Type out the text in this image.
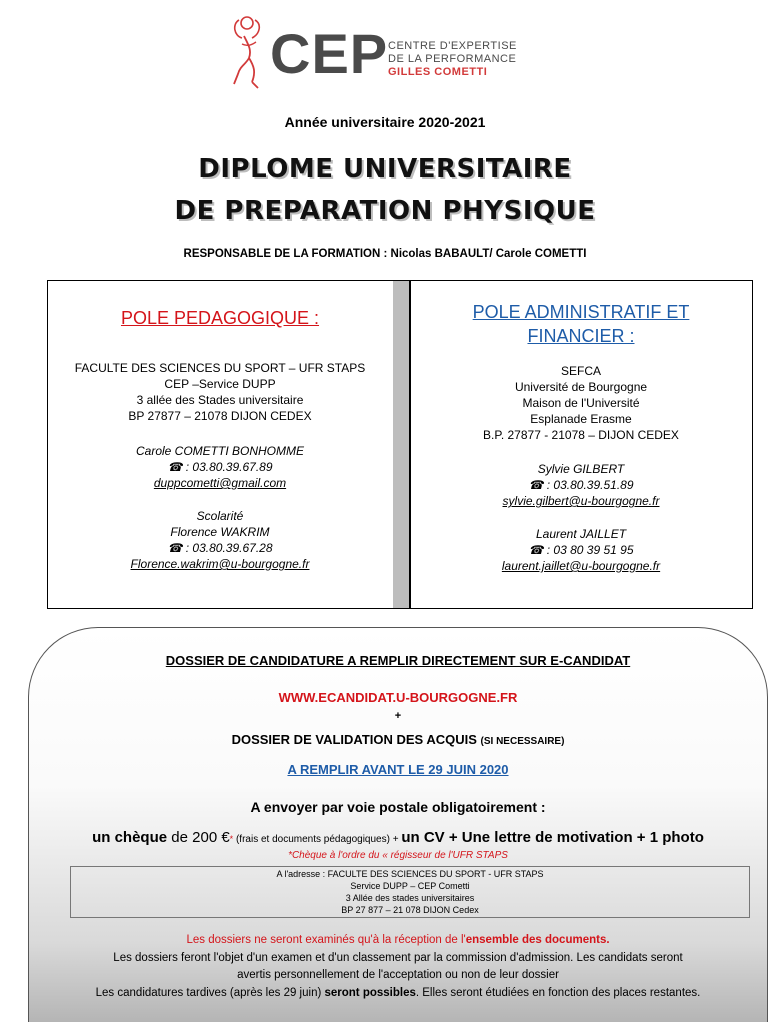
CEP CENTRE D'EXPERTISE
DE LA PERFORMANCE
GILLES COMETTI
Année universitaire 2020-2021
DIPLOME UNIVERSITAIRE
DE PREPARATION PHYSIQUE
RESPONSABLE DE LA FORMATION : Nicolas BABAULT/ Carole COMETTI
POLE PEDAGOGIQUE :
FACULTE DES SCIENCES DU SPORT – UFR STAPS
CEP –Service DUPP
3 allée des Stades universitaire
BP 27877 – 21078 DIJON CEDEX
Carole COMETTI BONHOMME
☎ : 03.80.39.67.89
duppcometti@gmail.com
Scolarité
Florence WAKRIM
☎ : 03.80.39.67.28
Florence.wakrim@u-bourgogne.fr
POLE ADMINISTRATIF ET
FINANCIER :
SEFCA
Université de Bourgogne
Maison de l'Université
Esplanade Erasme
B.P. 27877 - 21078 – DIJON CEDEX
Sylvie GILBERT
☎ : 03.80.39.51.89
sylvie.gilbert@u-bourgogne.fr
Laurent JAILLET
☎ : 03 80 39 51 95
laurent.jaillet@u-bourgogne.fr
DOSSIER DE CANDIDATURE A REMPLIR DIRECTEMENT SUR E-CANDIDAT
WWW.ECANDIDAT.U-BOURGOGNE.FR
+
DOSSIER DE VALIDATION DES ACQUIS (SI NECESSAIRE)
A REMPLIR AVANT LE 29 JUIN 2020
A envoyer par voie postale obligatoirement :
un chèque de 200 €* (frais et documents pédagogiques) + un CV + Une lettre de motivation + 1 photo
*Chèque à l'ordre du « régisseur de l'UFR STAPS
A l'adresse : FACULTE DES SCIENCES DU SPORT - UFR STAPS
Service DUPP – CEP Cometti
3 Allée des stades universitaires
BP 27 877 – 21 078 DIJON Cedex
Les dossiers ne seront examinés qu'à la réception de l'ensemble des documents.
Les dossiers feront l'objet d'un examen et d'un classement par la commission d'admission. Les candidats seront
avertis personnellement de l'acceptation ou non de leur dossier
Les candidatures tardives (après les 29 juin) seront possibles. Elles seront étudiées en fonction des places restantes.
